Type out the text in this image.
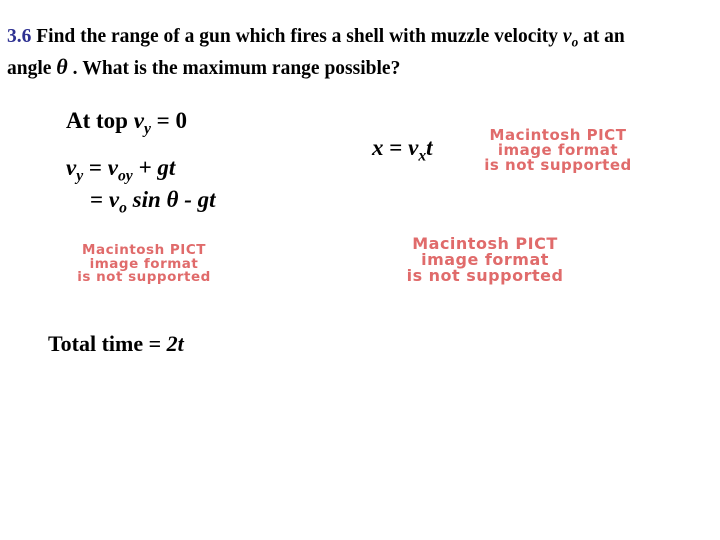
3.6 Find the range of a gun which fires a shell with muzzle velocity $v_o$ at an
angle θ . What is the maximum range possible?
At top $v_y = 0$
$v_y = v_{oy}$ + gt
= $v_o$ sin θ - gt
Total time = 2t
$x = v_xt$	Macintosh PICT
image format
is not supported
Macintosh PICT
image format
is not supported
Macintosh PICT
image format
is not supported
